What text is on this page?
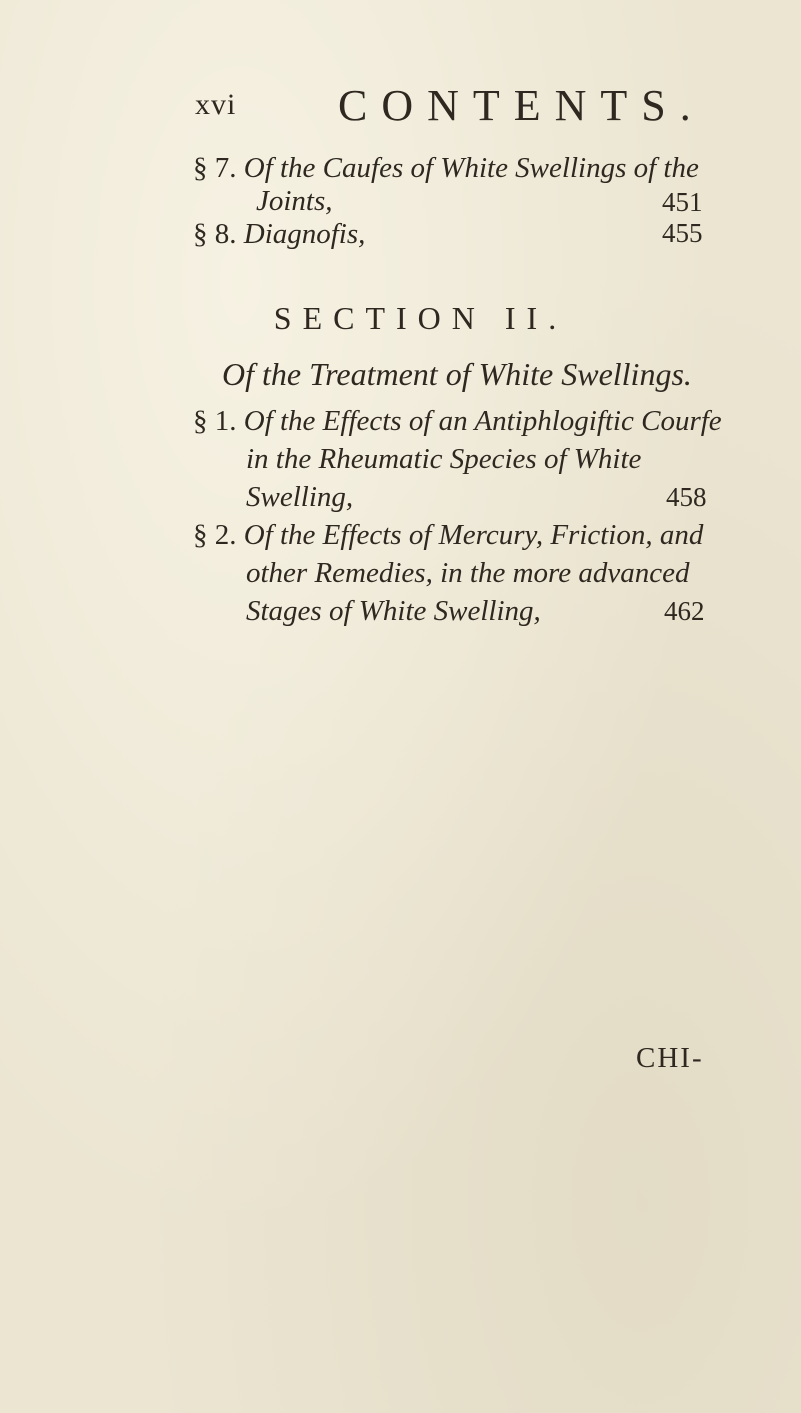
xvi CONTENTS.
§ 7. Of the Caufes of White Swellings of the
Joints,	451
§ 8. Diagnofis,	455
SECTION II.
Of the Treatment of White Swellings.
§ 1. Of the Effects of an Antiphlogiftic Courfe
in the Rheumatic Species of White
Swelling,	458
§ 2. Of the Effects of Mercury, Friction, and
other Remedies, in the more advanced
Stages of White Swelling,	462
CHI-
